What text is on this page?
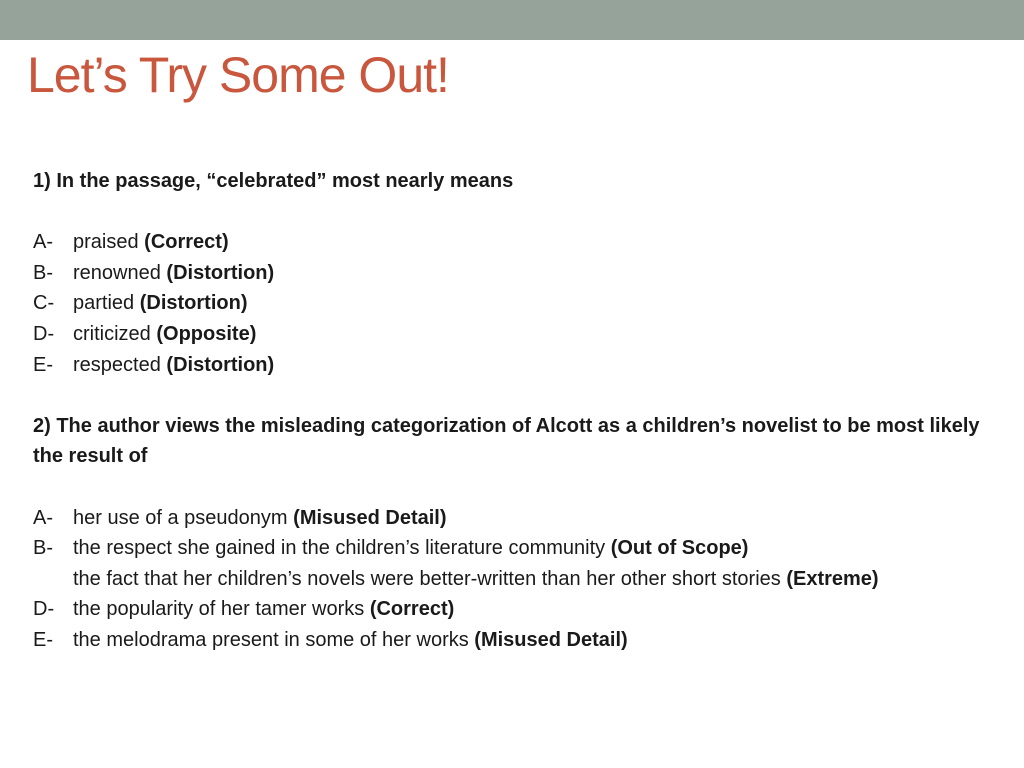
Let’s Try Some Out!

1) In the passage, “celebrated” most nearly means

A- praised (Correct)

B- renowned (Distortion)

C- partied (Distortion)

D- criticized (Opposite)

E- respected (Distortion)

2) The author views the misleading categorization of Alcott as a children’s novelist to be most likely the result of

A- her use of a pseudonym (Misused Detail)

B- the respect she gained in the children’s literature community (Out of Scope)

the fact that her children’s novels were better-written than her other short stories (Extreme)

D- the popularity of her tamer works (Correct)

E- the melodrama present in some of her works (Misused Detail)
